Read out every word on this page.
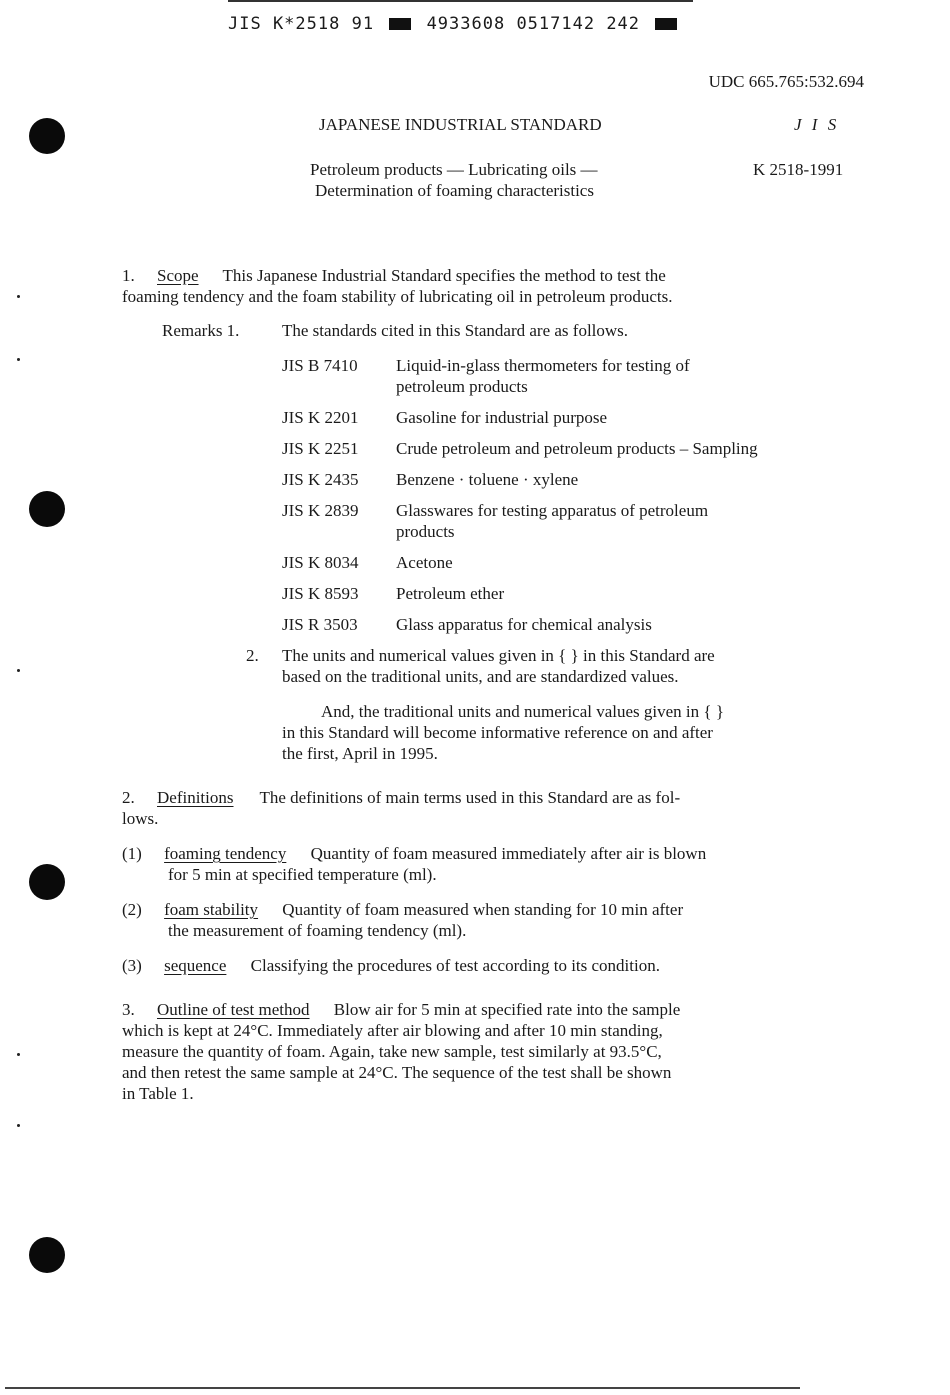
JIS K*2518 91	4933608 0517142 242
UDC 665.765:532.694
JAPANESE INDUSTRIAL STANDARD	J I S
Petroleum products — Lubricating oils —
Determination of foaming characteristics
K 2518-1991
1. Scope This Japanese Industrial Standard specifies the method to test the
foaming tendency and the foam stability of lubricating oil in petroleum products.
Remarks 1.	The standards cited in this Standard are as follows.
JIS B 7410 Liquid-in-glass thermometers for testing of
petroleum products
JIS K 2201 Gasoline for industrial purpose
JIS K 2251 Crude petroleum and petroleum products – Sampling
JIS K 2435 Benzene · toluene · xylene
JIS K 2839 Glasswares for testing apparatus of petroleum
products
JIS K 8034 Acetone
JIS K 8593 Petroleum ether
JIS R 3503 Glass apparatus for chemical analysis
2. The units and numerical values given in { } in this Standard are
based on the traditional units, and are standardized values.
And, the traditional units and numerical values given in { }
in this Standard will become informative reference on and after
the first, April in 1995.
2. Definitions The definitions of main terms used in this Standard are as fol-
lows.
(1) foaming tendency Quantity of foam measured immediately after air is blown
for 5 min at specified temperature (ml).
(2) foam stability Quantity of foam measured when standing for 10 min after
the measurement of foaming tendency (ml).
(3) sequence Classifying the procedures of test according to its condition.
3. Outline of test method Blow air for 5 min at specified rate into the sample
which is kept at 24°C. Immediately after air blowing and after 10 min standing,
measure the quantity of foam. Again, take new sample, test similarly at 93.5°C,
and then retest the same sample at 24°C. The sequence of the test shall be shown
in Table 1.
